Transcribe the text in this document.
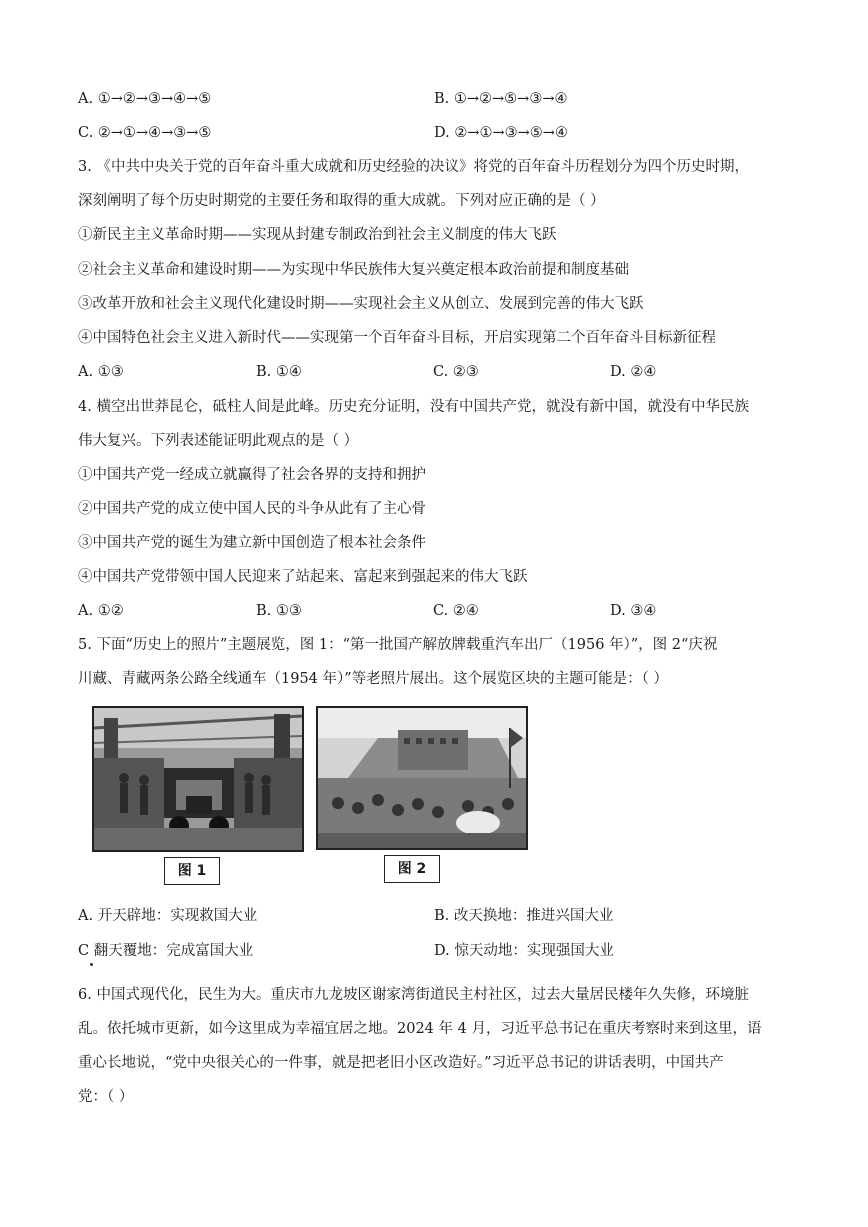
A. ①→②→③→④→⑤	B. ①→②→⑤→③→④
C. ②→①→④→③→⑤	D. ②→①→③→⑤→④
3. 《中共中央关于党的百年奋斗重大成就和历史经验的决议》将党的百年奋斗历程划分为四个历史时期，
深刻阐明了每个历史时期党的主要任务和取得的重大成就。下列对应正确的是（ ）
①新民主主义革命时期——实现从封建专制政治到社会主义制度的伟大飞跃
②社会主义革命和建设时期——为实现中华民族伟大复兴奠定根本政治前提和制度基础
③改革开放和社会主义现代化建设时期——实现社会主义从创立、发展到完善的伟大飞跃
④中国特色社会主义进入新时代——实现第一个百年奋斗目标，开启实现第二个百年奋斗目标新征程
A. ①③	B. ①④	C. ②③	D. ②④
4. 横空出世莽昆仑，砥柱人间是此峰。历史充分证明，没有中国共产党，就没有新中国，就没有中华民族
伟大复兴。下列表述能证明此观点的是（ ）
①中国共产党一经成立就赢得了社会各界的支持和拥护
②中国共产党的成立使中国人民的斗争从此有了主心骨
③中国共产党的诞生为建立新中国创造了根本社会条件
④中国共产党带领中国人民迎来了站起来、富起来到强起来的伟大飞跃
A. ①②	B. ①③	C. ②④	D. ③④
5. 下面“历史上的照片”主题展览，图 1：“第一批国产解放牌载重汽车出厂（1956 年）”，图 2“庆祝
川藏、青藏两条公路全线通车（1954 年）”等老照片展出。这个展览区块的主题可能是：（ ）
图 1	图 2
A. 开天辟地：实现救国大业	B. 改天换地：推进兴国大业
C 翻天覆地：完成富国大业	D. 惊天动地：实现强国大业
6. 中国式现代化，民生为大。重庆市九龙坡区谢家湾街道民主村社区，过去大量居民楼年久失修，环境脏
乱。依托城市更新，如今这里成为幸福宜居之地。2024 年 4 月，习近平总书记在重庆考察时来到这里，语
重心长地说，“党中央很关心的一件事，就是把老旧小区改造好。”习近平总书记的讲话表明，中国共产
党：（ ）
